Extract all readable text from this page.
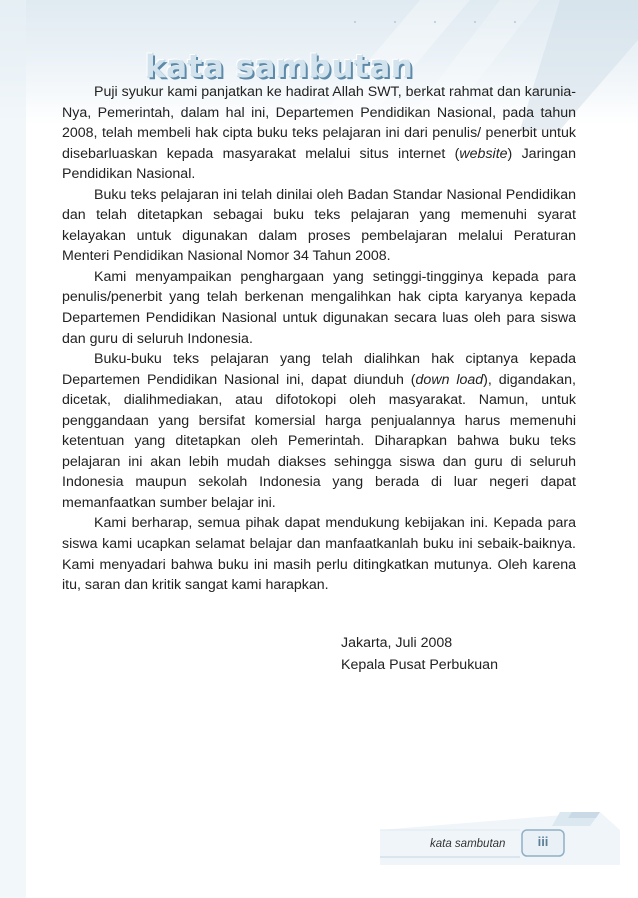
kata sambutan

Puji syukur kami panjatkan ke hadirat Allah SWT, berkat rahmat dan karunia-Nya, Pemerintah, dalam hal ini, Departemen Pendidikan Nasional, pada tahun 2008, telah membeli hak cipta buku teks pelajaran ini dari penulis/ penerbit untuk disebarluaskan kepada masyarakat melalui situs internet (website) Jaringan Pendidikan Nasional.

Buku teks pelajaran ini telah dinilai oleh Badan Standar Nasional Pendidikan dan telah ditetapkan sebagai buku teks pelajaran yang memenuhi syarat kelayakan untuk digunakan dalam proses pembelajaran melalui Peraturan Menteri Pendidikan Nasional Nomor 34 Tahun 2008.

Kami menyampaikan penghargaan yang setinggi-tingginya kepada para penulis/penerbit yang telah berkenan mengalihkan hak cipta karyanya kepada Departemen Pendidikan Nasional untuk digunakan secara luas oleh para siswa dan guru di seluruh Indonesia.

Buku-buku teks pelajaran yang telah dialihkan hak ciptanya kepada Departemen Pendidikan Nasional ini, dapat diunduh (down load), digandakan, dicetak, dialihmediakan, atau difotokopi oleh masyarakat. Namun, untuk penggandaan yang bersifat komersial harga penjualannya harus memenuhi ketentuan yang ditetapkan oleh Pemerintah. Diharapkan bahwa buku teks pelajaran ini akan lebih mudah diakses sehingga siswa dan guru di seluruh Indonesia maupun sekolah Indonesia yang berada di luar negeri dapat memanfaatkan sumber belajar ini.

Kami berharap, semua pihak dapat mendukung kebijakan ini. Kepada para siswa kami ucapkan selamat belajar dan manfaatkanlah buku ini sebaik-baiknya. Kami menyadari bahwa buku ini masih perlu ditingkatkan mutunya. Oleh karena itu, saran dan kritik sangat kami harapkan.

Jakarta, Juli 2008
Kepala Pusat Perbukuan
kata sambutan	iii
